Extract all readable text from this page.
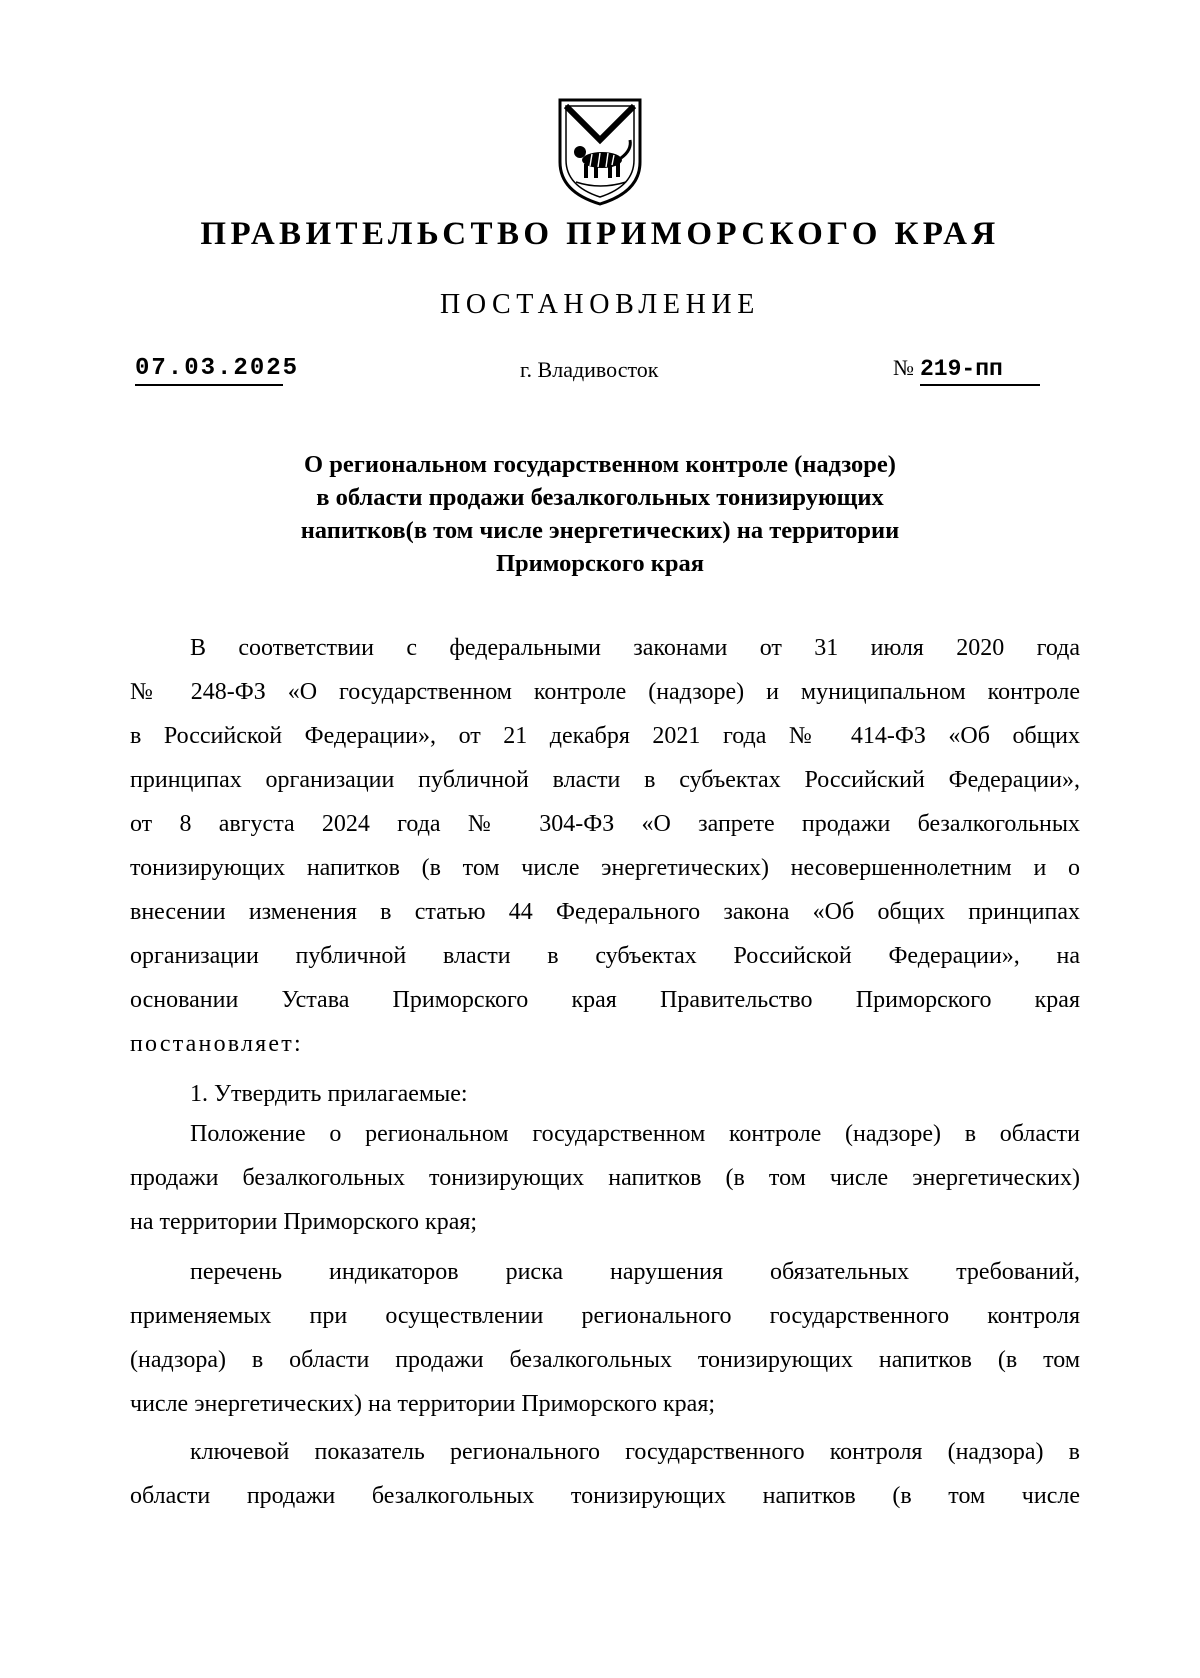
ПРАВИТЕЛЬСТВО ПРИМОРСКОГО КРАЯ
ПОСТАНОВЛЕНИЕ
07.03.2025	г. Владивосток	№ 219-пп
О региональном государственном контроле (надзоре)
в области продажи безалкогольных тонизирующих
напитков(в том числе энергетических) на территории
Приморского края
В соответствии с федеральными законами от 31 июля 2020 года
№ 248-ФЗ «О государственном контроле (надзоре) и муниципальном контроле
в Российской Федерации», от 21 декабря 2021 года № 414-ФЗ «Об общих
принципах организации публичной власти в субъектах Российский Федерации»,
от 8 августа 2024 года № 304-ФЗ «О запрете продажи безалкогольных
тонизирующих напитков (в том числе энергетических) несовершеннолетним и о
внесении изменения в статью 44 Федерального закона «Об общих принципах
организации публичной власти в субъектах Российской Федерации», на
основании Устава Приморского края Правительство Приморского края
постановляет:
1. Утвердить прилагаемые:
Положение о региональном государственном контроле (надзоре) в области
продажи безалкогольных тонизирующих напитков (в том числе энергетических)
на территории Приморского края;
перечень индикаторов риска нарушения обязательных требований,
применяемых при осуществлении регионального государственного контроля
(надзора) в области продажи безалкогольных тонизирующих напитков (в том
числе энергетических) на территории Приморского края;
ключевой показатель регионального государственного контроля (надзора) в
области продажи безалкогольных тонизирующих напитков (в том числе
